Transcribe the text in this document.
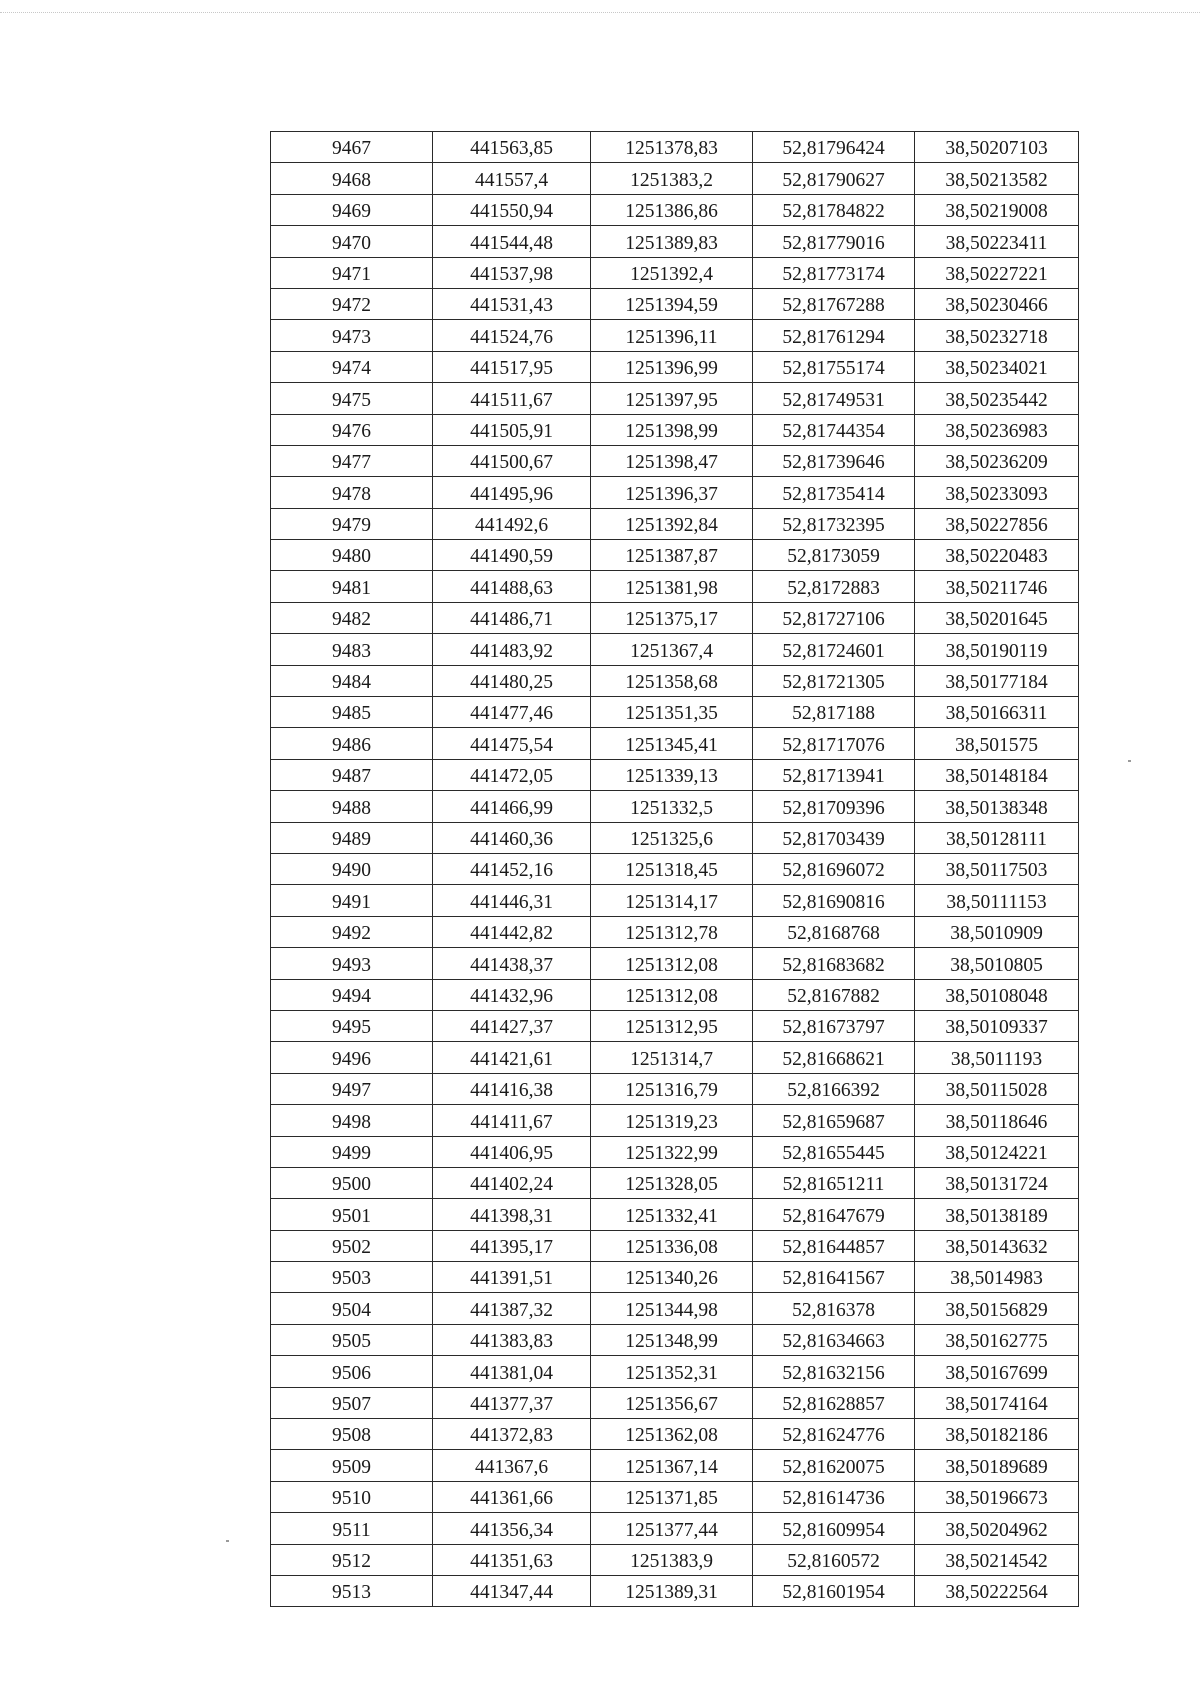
9467	441563,85	1251378,83	52,81796424	38,50207103
9468	441557,4	1251383,2	52,81790627	38,50213582
9469	441550,94	1251386,86	52,81784822	38,50219008
9470	441544,48	1251389,83	52,81779016	38,50223411
9471	441537,98	1251392,4	52,81773174	38,50227221
9472	441531,43	1251394,59	52,81767288	38,50230466
9473	441524,76	1251396,11	52,81761294	38,50232718
9474	441517,95	1251396,99	52,81755174	38,50234021
9475	441511,67	1251397,95	52,81749531	38,50235442
9476	441505,91	1251398,99	52,81744354	38,50236983
9477	441500,67	1251398,47	52,81739646	38,50236209
9478	441495,96	1251396,37	52,81735414	38,50233093
9479	441492,6	1251392,84	52,81732395	38,50227856
9480	441490,59	1251387,87	52,8173059	38,50220483
9481	441488,63	1251381,98	52,8172883	38,50211746
9482	441486,71	1251375,17	52,81727106	38,50201645
9483	441483,92	1251367,4	52,81724601	38,50190119
9484	441480,25	1251358,68	52,81721305	38,50177184
9485	441477,46	1251351,35	52,817188	38,50166311
9486	441475,54	1251345,41	52,81717076	38,501575
9487	441472,05	1251339,13	52,81713941	38,50148184
9488	441466,99	1251332,5	52,81709396	38,50138348
9489	441460,36	1251325,6	52,81703439	38,50128111
9490	441452,16	1251318,45	52,81696072	38,50117503
9491	441446,31	1251314,17	52,81690816	38,50111153
9492	441442,82	1251312,78	52,8168768	38,5010909
9493	441438,37	1251312,08	52,81683682	38,5010805
9494	441432,96	1251312,08	52,8167882	38,50108048
9495	441427,37	1251312,95	52,81673797	38,50109337
9496	441421,61	1251314,7	52,81668621	38,5011193
9497	441416,38	1251316,79	52,8166392	38,50115028
9498	441411,67	1251319,23	52,81659687	38,50118646
9499	441406,95	1251322,99	52,81655445	38,50124221
9500	441402,24	1251328,05	52,81651211	38,50131724
9501	441398,31	1251332,41	52,81647679	38,50138189
9502	441395,17	1251336,08	52,81644857	38,50143632
9503	441391,51	1251340,26	52,81641567	38,5014983
9504	441387,32	1251344,98	52,816378	38,50156829
9505	441383,83	1251348,99	52,81634663	38,50162775
9506	441381,04	1251352,31	52,81632156	38,50167699
9507	441377,37	1251356,67	52,81628857	38,50174164
9508	441372,83	1251362,08	52,81624776	38,50182186
9509	441367,6	1251367,14	52,81620075	38,50189689
9510	441361,66	1251371,85	52,81614736	38,50196673
9511	441356,34	1251377,44	52,81609954	38,50204962
9512	441351,63	1251383,9	52,8160572	38,50214542
9513	441347,44	1251389,31	52,81601954	38,50222564
